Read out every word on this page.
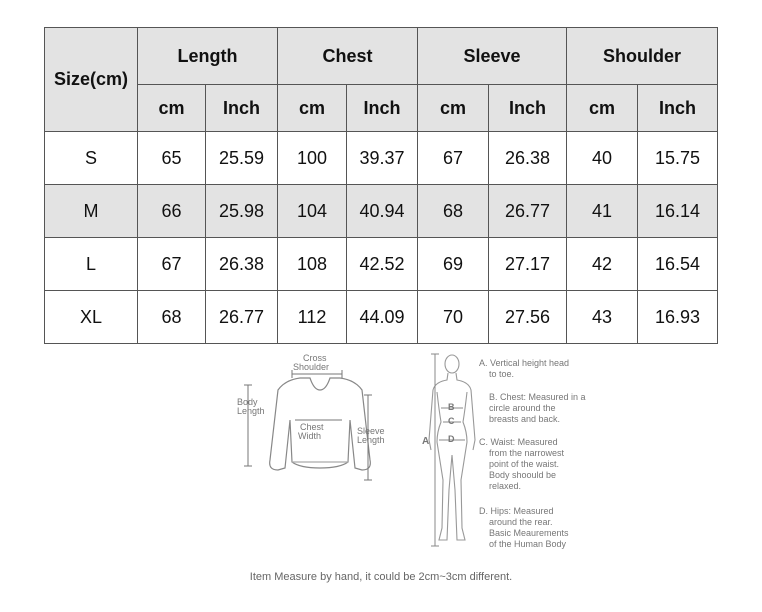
Size(cm)	Length		Chest		Sleeve		Shoulder	
	cm	Inch	cm	Inch	cm	Inch	cm	Inch
S	65	25.59	100	39.37	67	26.38	40	15.75
M	66	25.98	104	40.94	68	26.77	41	16.14
L	67	26.38	108	42.52	69	27.17	42	16.54
XL	68	26.77	112	44.09	70	27.56	43	16.93
Cross
Shoulder
Body
Length
Chest
Width	Sleeve
Length	A
B
C
D
A. Vertical height head
to toe.
B. Chest: Measured in a
circle around the
breasts and back.
C. Waist: Measured
from the narrowest
point of the waist.
Body shoould be
relaxed.
D. Hips: Measured
around the rear.
Basic Meaurements
of the Human Body
Item Measure by hand, it could be 2cm~3cm different.
